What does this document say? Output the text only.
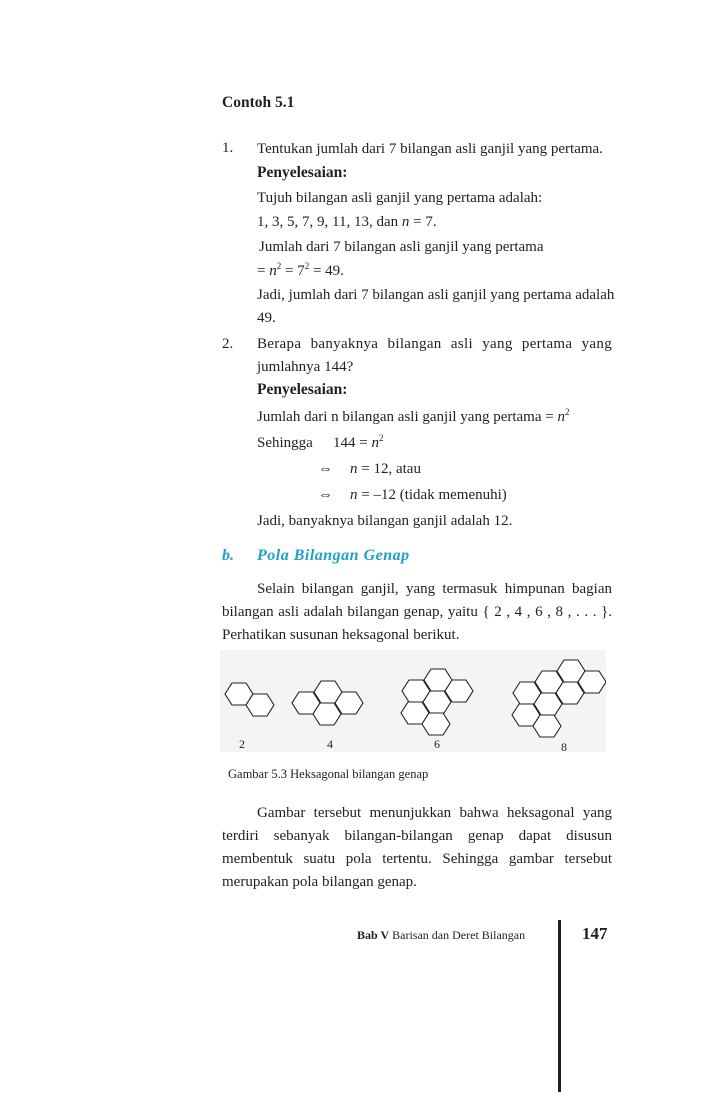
Contoh 5.1
1. Tentukan jumlah dari 7 bilangan asli ganjil yang pertama.
Penyelesaian:
Tujuh bilangan asli ganjil yang pertama adalah:
1, 3, 5, 7, 9, 11, 13, dan n = 7.
Jumlah dari 7 bilangan asli ganjil yang pertama
= $n^2 = 7^2 = 49$.
Jadi, jumlah dari 7 bilangan asli ganjil yang pertama adalah
49.
2. Berapa banyaknya bilangan asli yang pertama yang
jumlahnya 144?
Penyelesaian:
Jumlah dari n bilangan asli ganjil yang pertama = $n^2$
Sehingga $144 = n^2$
⇔ n = 12, atau
⇔ n = –12 (tidak memenuhi)
Jadi, banyaknya bilangan ganjil adalah 12.
b. Pola Bilangan Genap
Selain bilangan ganjil, yang termasuk himpunan bagian
bilangan asli adalah bilangan genap, yaitu { 2 , 4 , 6 , 8 , . . . }.
Perhatikan susunan heksagonal berikut.
2	4	6	8
Gambar 5.3 Heksagonal bilangan genap
Gambar tersebut menunjukkan bahwa heksagonal yang
terdiri sebanyak bilangan-bilangan genap dapat disusun
membentuk suatu pola tertentu. Sehingga gambar tersebut
merupakan pola bilangan genap.
Bab V Barisan dan Deret Bilangan	147
